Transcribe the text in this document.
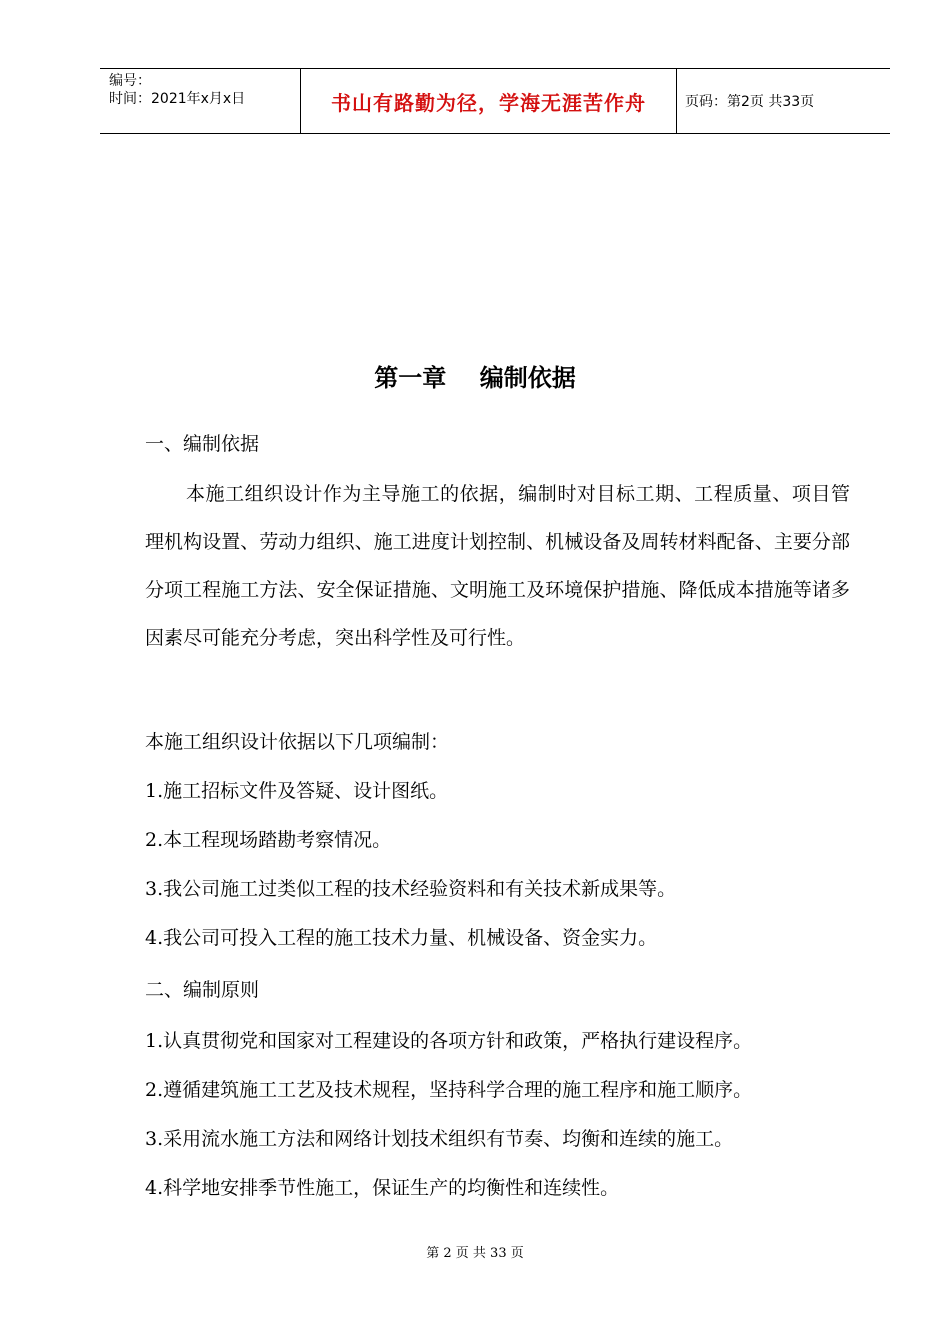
编号：
时间：2021年x月x日	书山有路勤为径，学海无涯苦作舟	页码：第2页 共33页
第一章    编制依据
一、编制依据
本施工组织设计作为主导施工的依据，编制时对目标工期、工程质量、项目管理机构设置、劳动力组织、施工进度计划控制、机械设备及周转材料配备、主要分部分项工程施工方法、安全保证措施、文明施工及环境保护措施、降低成本措施等诸多因素尽可能充分考虑，突出科学性及可行性。
本施工组织设计依据以下几项编制：
1.施工招标文件及答疑、设计图纸。
2.本工程现场踏勘考察情况。
3.我公司施工过类似工程的技术经验资料和有关技术新成果等。
4.我公司可投入工程的施工技术力量、机械设备、资金实力。
二、编制原则
1.认真贯彻党和国家对工程建设的各项方针和政策，严格执行建设程序。
2.遵循建筑施工工艺及技术规程，坚持科学合理的施工程序和施工顺序。
3.采用流水施工方法和网络计划技术组织有节奏、均衡和连续的施工。
4.科学地安排季节性施工，保证生产的均衡性和连续性。
第 2 页 共 33 页
